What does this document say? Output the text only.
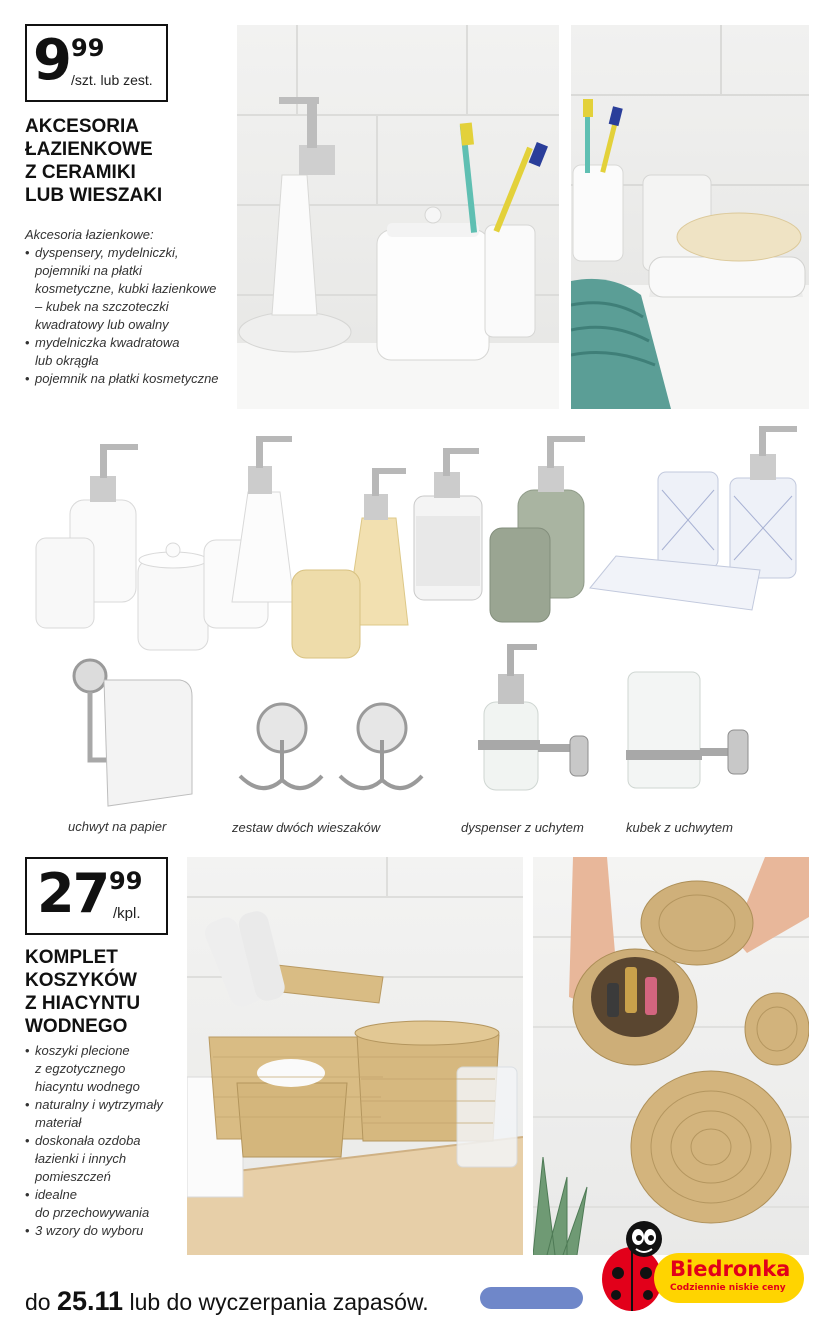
9 99
/szt. lub zest.
AKCESORIA
ŁAZIENKOWE
Z CERAMIKI
LUB WIESZAKI
Akcesoria łazienkowe:
• dyspensery, mydelniczki,
pojemniki na płatki
kosmetyczne, kubki łazienkowe
– kubek na szczoteczki
kwadratowy lub owalny
• mydelniczka kwadratowa
lub okrągła
• pojemnik na płatki kosmetyczne
uchwyt na papier	zestaw dwóch wieszaków	dyspenser z uchytem	kubek z uchwytem
27 99
/kpl.
KOMPLET
KOSZYKÓW
Z HIACYNTU
WODNEGO
• koszyki plecione
z egzotycznego
hiacyntu wodnego
• naturalny i wytrzymały
materiał
• doskonała ozdoba
łazienki i innych
pomieszczeń
• idealne
do przechowywania
• 3 wzory do wyboru
do 25.11 lub do wyczerpania zapasów.
Biedronka
Codziennie niskie ceny
